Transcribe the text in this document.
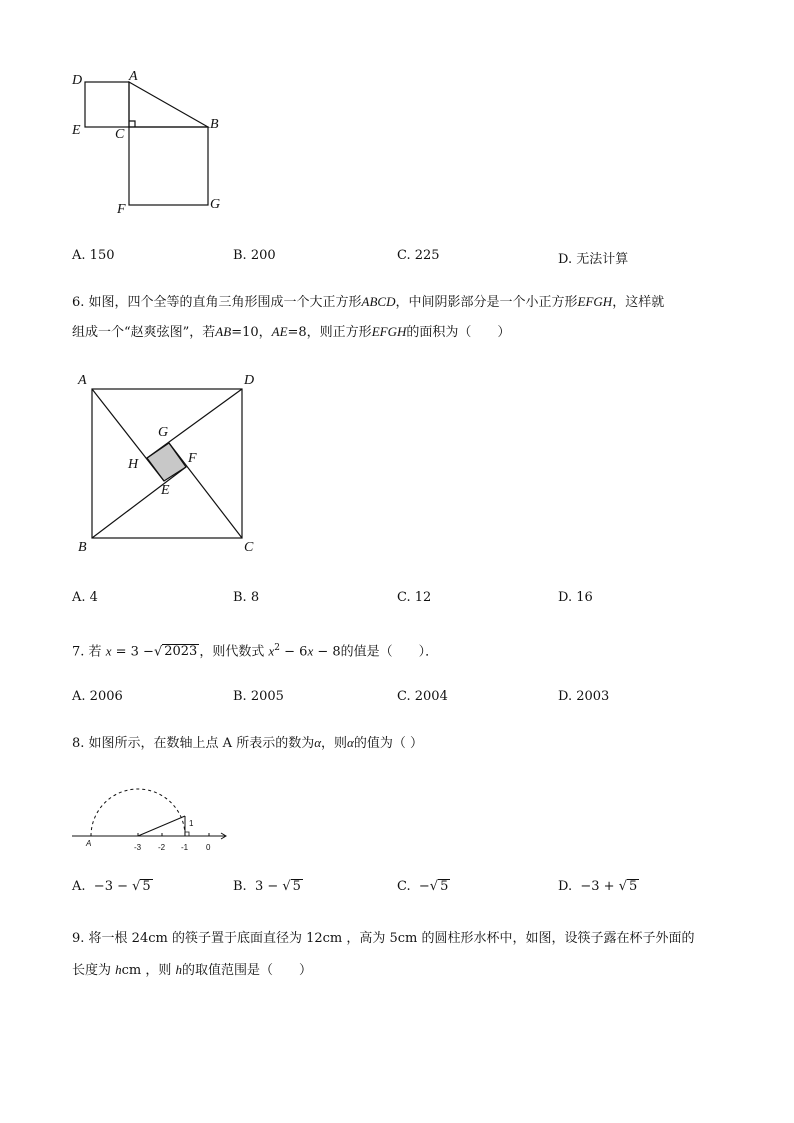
D	A
E C
B
F	G
A. 150	B. 200	C. 225	D. 无法计算
6. 如图，四个全等的直角三角形围成一个大正方形ABCD，中间阴影部分是一个小正方形EFGH，这样就
组成一个“赵爽弦图”，若AB=10，AE=8，则正方形EFGH的面积为（　　）
A	D
B	C
G
H	F
E
A. 4	B. 8	C. 12	D. 16
7. 若 x = 3 −√ 2023 ，则代数式 $x^2 - 6x - 8$的值是（　　）．
A. 2006	B. 2005	C. 2004	D. 2003
8. 如图所示，在数轴上点 A 所表示的数为α，则α的值为（ ）
A	-3 -2 -1 0
1
A. −3 − √ 5	B. 3 − √ 5	C. −√ 5	D. −3 + √ 5
9. 将一根 24cm 的筷子置于底面直径为 12cm ，高为 5cm 的圆柱形水杯中，如图，设筷子露在杯子外面的
长度为 hcm ，则 h的取值范围是（　　）
